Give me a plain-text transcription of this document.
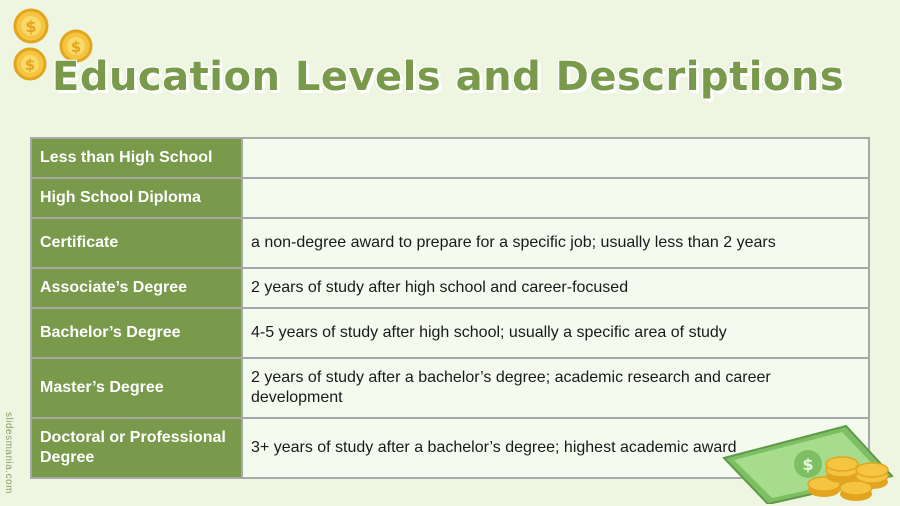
$
$
$ Education Levels and Descriptions
Less than High School	
High School Diploma	
Certificate	a non-degree award to prepare for a specific job; usually less than 2 years
Associate’s Degree	2 years of study after high school and career-focused
Bachelor’s Degree	4-5 years of study after high school; usually a specific area of study
Master’s Degree	2 years of study after a bachelor’s degree; academic research and career development
Doctoral or Professional Degree	3+ years of study after a bachelor’s degree; highest academic award
$
slidesmania.com
